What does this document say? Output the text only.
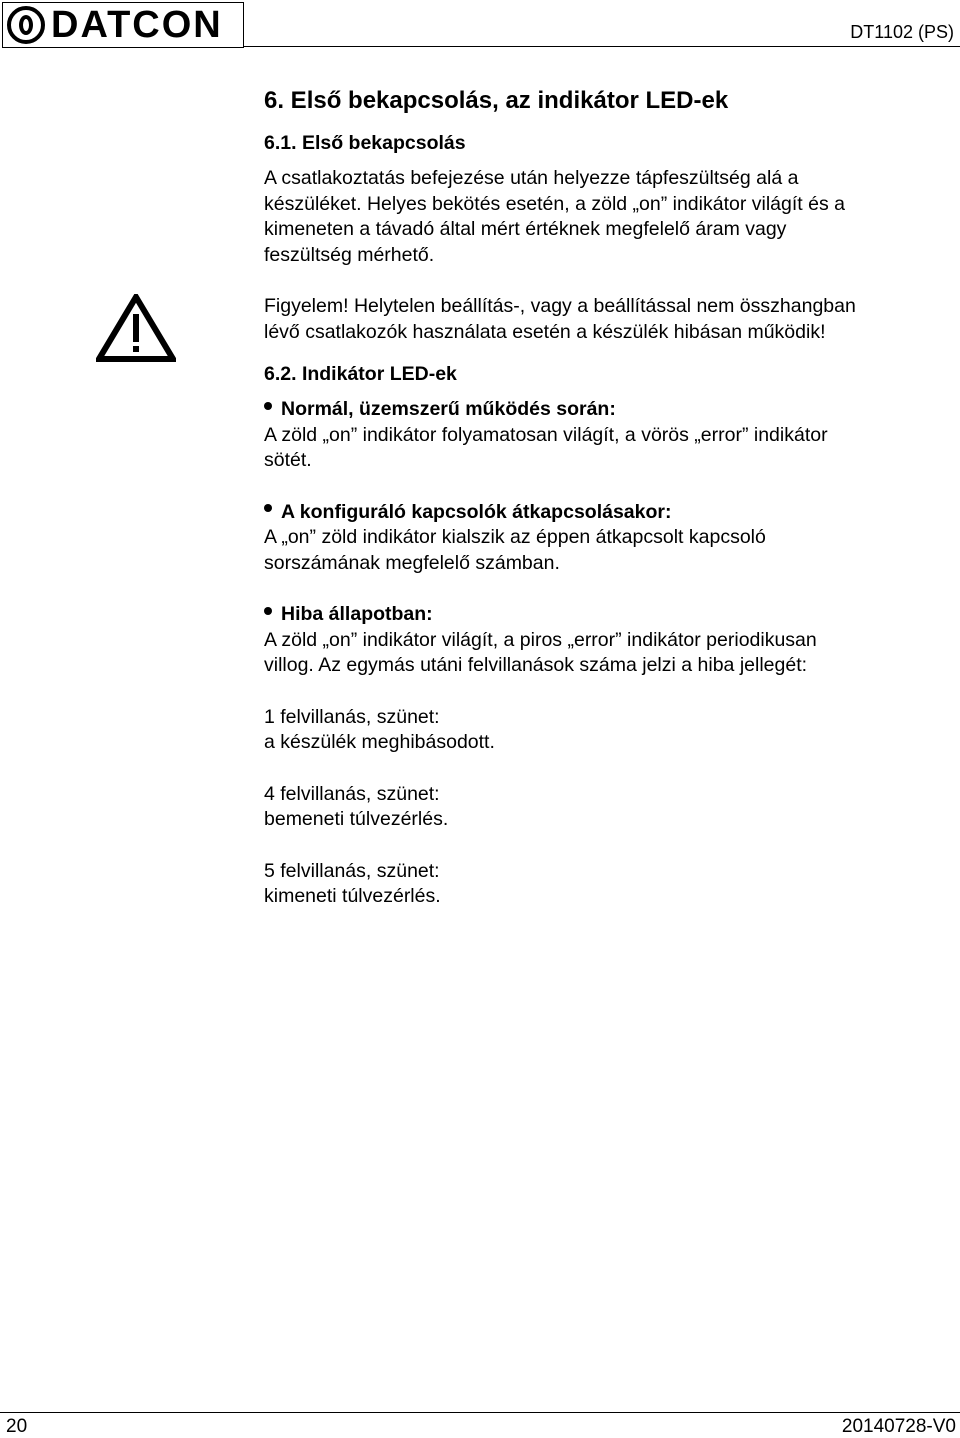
DATCON	DT1102 (PS)
6. Első bekapcsolás, az indikátor LED-ek
6.1. Első bekapcsolás

A csatlakoztatás befejezése után helyezze tápfeszültség alá a
készüléket. Helyes bekötés esetén, a zöld „on” indikátor világít és a
kimeneten a távadó által mért értéknek megfelelő áram vagy
feszültség mérhető.

Figyelem! Helytelen beállítás-, vagy a beállítással nem összhangban
lévő csatlakozók használata esetén a készülék hibásan működik!

6.2. Indikátor LED-ek
Normál, üzemszerű működés során:

A zöld „on” indikátor folyamatosan világít, a vörös „error” indikátor
sötét.

A konfiguráló kapcsolók átkapcsolásakor:

A „on” zöld indikátor kialszik az éppen átkapcsolt kapcsoló
sorszámának megfelelő számban.

Hiba állapotban:

A zöld „on” indikátor világít, a piros „error” indikátor periodikusan
villog. Az egymás utáni felvillanások száma jelzi a hiba jellegét:

1 felvillanás, szünet:
a készülék meghibásodott.

4 felvillanás, szünet:
bemeneti túlvezérlés.

5 felvillanás, szünet:
kimeneti túlvezérlés.

20	20140728-V0
